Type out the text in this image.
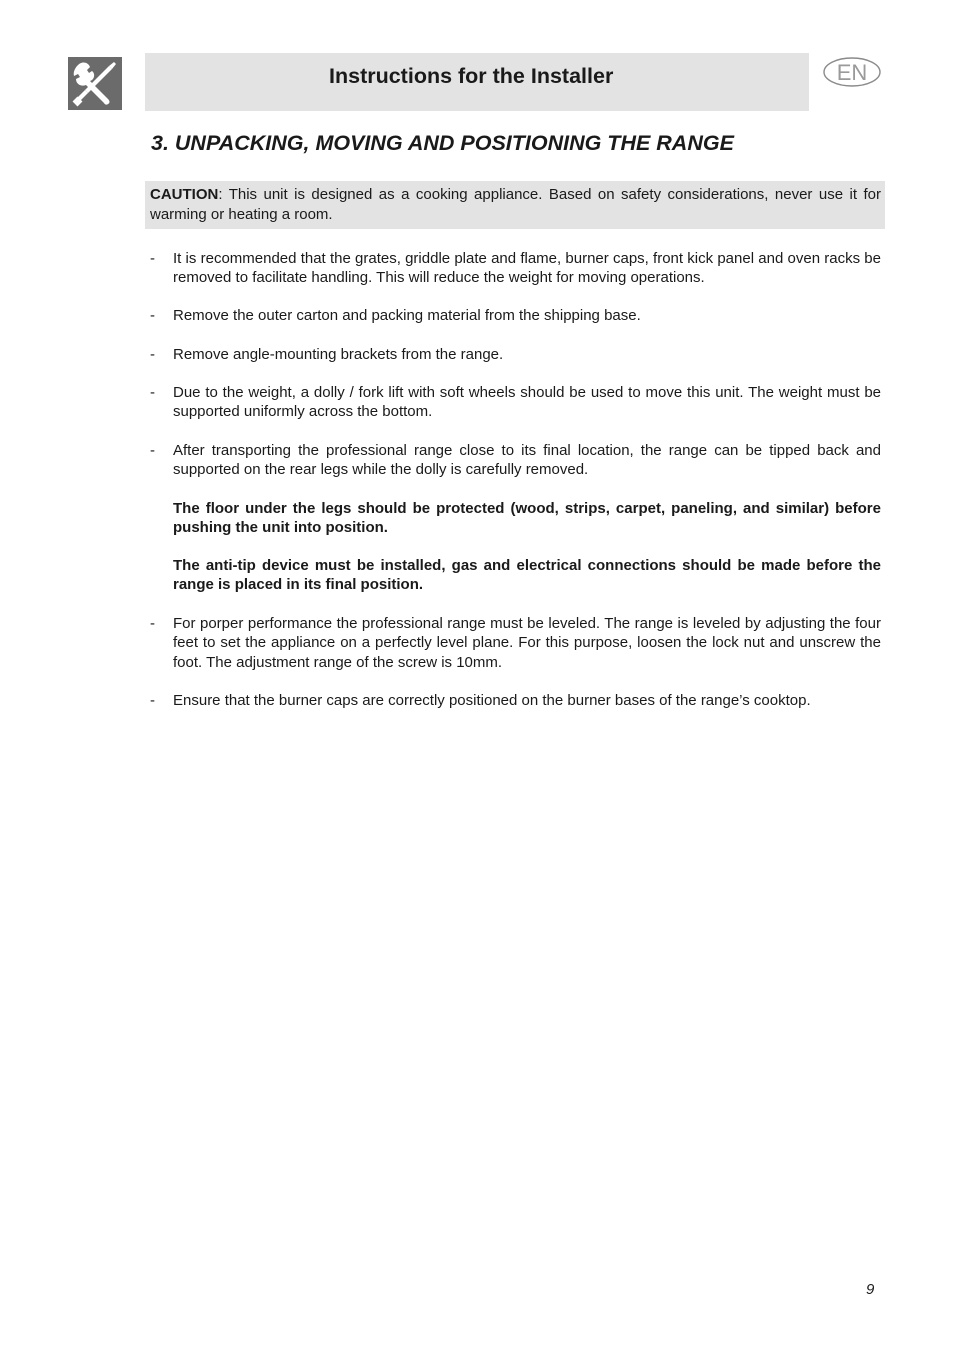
Instructions for the Installer	EN
3. UNPACKING, MOVING AND POSITIONING THE RANGE
CAUTION: This unit is designed as a cooking appliance. Based on safety considerations, never use it for warming or heating a room.
- It is recommended that the grates, griddle plate and flame, burner caps, front kick panel and oven racks be removed to facilitate handling. This will reduce the weight for moving operations.
- Remove the outer carton and packing material from the shipping base.
- Remove angle-mounting brackets from the range.
- Due to the weight, a dolly / fork lift with soft wheels should be used to move this unit. The weight must be supported uniformly across the bottom.
- After transporting the professional range close to its final location, the range can be tipped back and supported on the rear legs while the dolly is carefully removed.
The floor under the legs should be protected (wood, strips, carpet, paneling, and similar) before pushing the unit into position.
The anti-tip device must be installed, gas and electrical connections should be made before the range is placed in its final position.
- For porper performance the professional range must be leveled. The range is leveled by adjusting the four feet to set the appliance on a perfectly level plane. For this purpose, loosen the lock nut and unscrew the foot. The adjustment range of the screw is 10mm.
- Ensure that the burner caps are correctly positioned on the burner bases of the range’s cooktop.
9
